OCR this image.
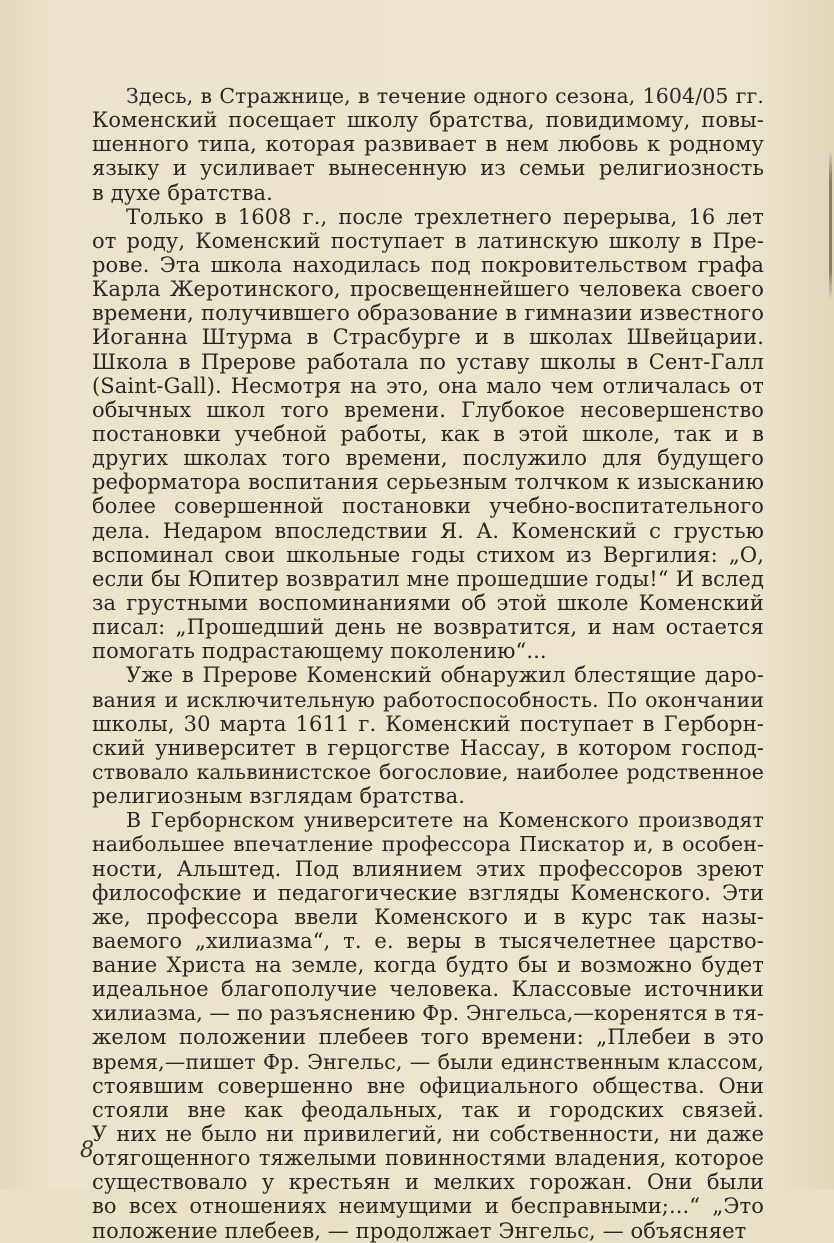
Здесь, в Стражнице, в течение одного сезона, 1604/05 гг.
Коменский посещает школу братства, повидимому, повы-
шенного типа, которая развивает в нем любовь к родному
языку и усиливает вынесенную из семьи религиозность
в духе братства.
Только в 1608 г., после трехлетнего перерыва, 16 лет
от роду, Коменский поступает в латинскую школу в Пре-
рове. Эта школа находилась под покровительством графа
Карла Жеротинского, просвещеннейшего человека своего
времени, получившего образование в гимназии известного
Иоганна Штурма в Страсбурге и в школах Швейцарии.
Школа в Прерове работала по уставу школы в Сент-Галл
(Saint-Gall). Несмотря на это, она мало чем отличалась от
обычных школ того времени. Глубокое несовершенство
постановки учебной работы, как в этой школе, так и в
других школах того времени, послужило для будущего
реформатора воспитания серьезным толчком к изысканию
более совершенной постановки учебно-воспитательного
дела. Недаром впоследствии Я. А. Коменский с грустью
вспоминал свои школьные годы стихом из Вергилия: „О,
если бы Юпитер возвратил мне прошедшие годы!“ И вслед
за грустными воспоминаниями об этой школе Коменский
писал: „Прошедший день не возвратится, и нам остается
помогать подрастающему поколению“...
Уже в Прерове Коменский обнаружил блестящие даро-
вания и исключительную работоспособность. По окончании
школы, 30 марта 1611 г. Коменский поступает в Герборн-
ский университет в герцогстве Нассау, в котором господ-
ствовало кальвинистское богословие, наиболее родственное
религиозным взглядам братства.
В Герборнском университете на Коменского производят
наибольшее впечатление профессора Пискатор и, в особен-
ности, Альштед. Под влиянием этих профессоров зреют
философские и педагогические взгляды Коменского. Эти
же, профессора ввели Коменского и в курс так назы-
ваемого „хилиазма“, т. е. веры в тысячелетнее царство-
вание Христа на земле, когда будто бы и возможно будет
идеальное благополучие человека. Классовые источники
хилиазма, — по разъяснению Фр. Энгельса,—коренятся в тя-
желом положении плебеев того времени: „Плебеи в это
время,—пишет Фр. Энгельс, — были единственным классом,
стоявшим совершенно вне официального общества. Они
стояли вне как феодальных, так и городских связей.
У них не было ни привилегий, ни собственности, ни даже
отягощенного тяжелыми повинностями владения, которое
существовало у крестьян и мелких горожан. Они были
во всех отношениях неимущими и бесправными;...“ „Это
положение плебеев, — продолжает Энгельс, — объясняет
8
